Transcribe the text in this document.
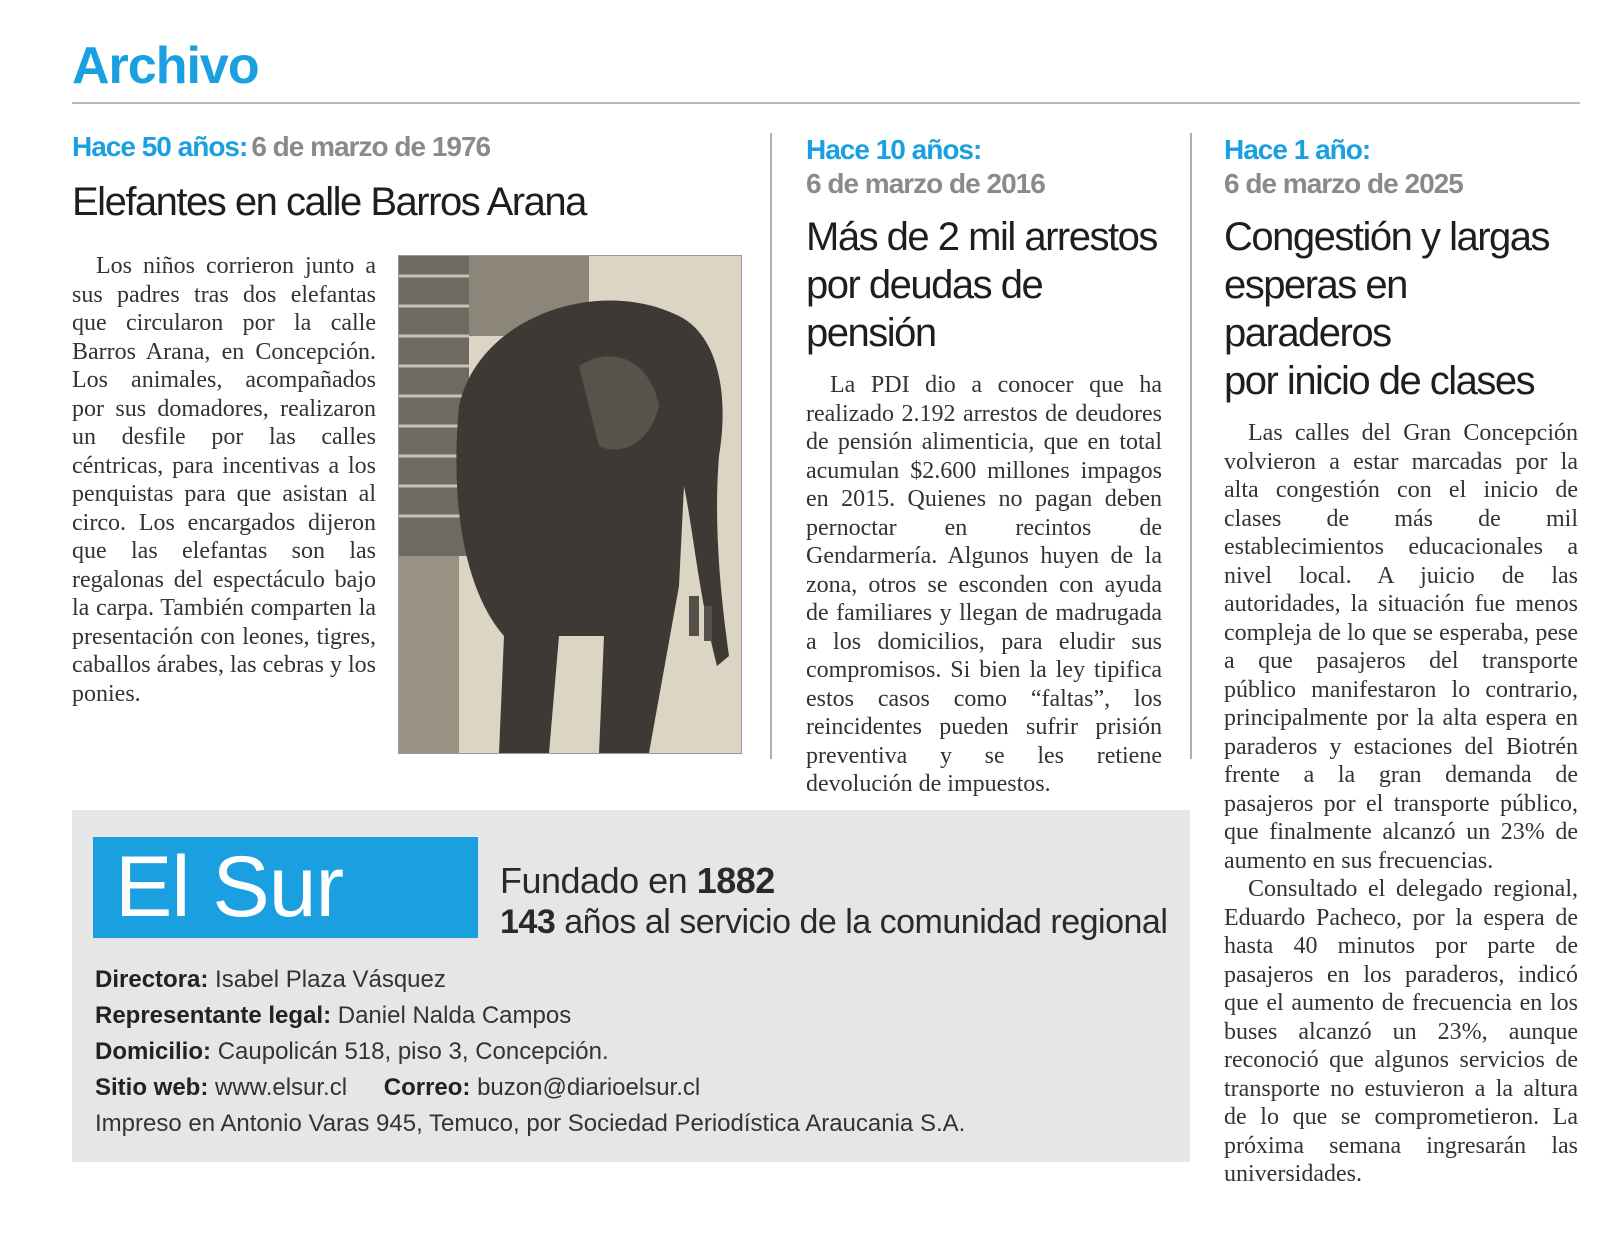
Archivo
Hace 50 años: 6 de marzo de 1976
Elefantes en calle Barros Arana

Los niños corrieron junto a sus padres tras dos elefantas que circularon por la calle Barros Arana, en Concepción. Los animales, acompañados por sus domadores, realizaron un desfile por las calles céntricas, para incentivas a los penquistas para que asistan al circo. Los encargados dijeron que las elefantas son las regalonas del espectáculo bajo la carpa. También comparten la presentación con leones, tigres, caballos árabes, las cebras y los ponies.

Hace 10 años:
6 de marzo de 2016
Más de 2 mil arrestos
por deudas de pensión

La PDI dio a conocer que ha realizado 2.192 arrestos de deudores de pensión alimenticia, que en total acumulan $2.600 millones impagos en 2015. Quienes no pagan deben pernoctar en recintos de Gendarmería. Algunos huyen de la zona, otros se esconden con ayuda de familiares y llegan de madrugada a los domicilios, para eludir sus compromisos. Si bien la ley tipifica estos casos como “faltas”, los reincidentes pueden sufrir prisión preventiva y se les retiene devolución de impuestos.

Hace 1 año:
6 de marzo de 2025
Congestión y largas
esperas en paraderos
por inicio de clases

Las calles del Gran Concepción volvieron a estar marcadas por la alta congestión con el inicio de clases de más de mil establecimientos educacionales a nivel local. A juicio de las autoridades, la situación fue menos compleja de lo que se esperaba, pese a que pasajeros del transporte público manifestaron lo contrario, principalmente por la alta espera en paraderos y estaciones del Biotrén frente a la gran demanda de pasajeros por el transporte público, que finalmente alcanzó un 23% de aumento en sus frecuencias.

Consultado el delegado regional, Eduardo Pacheco, por la espera de hasta 40 minutos por parte de pasajeros en los paraderos, indicó que el aumento de frecuencia en los buses alcanzó un 23%, aunque reconoció que algunos servicios de transporte no estuvieron a la altura de lo que se comprometieron. La próxima semana ingresarán las universidades.

El Sur	Fundado en 1882
143 años al servicio de la comunidad regional
Directora: Isabel Plaza Vásquez
Representante legal: Daniel Nalda Campos
Domicilio: Caupolicán 518, piso 3, Concepción.
Sitio web: www.elsur.cl Correo: buzon@diarioelsur.cl
Impreso en Antonio Varas 945, Temuco, por Sociedad Periodística Araucania S.A.
